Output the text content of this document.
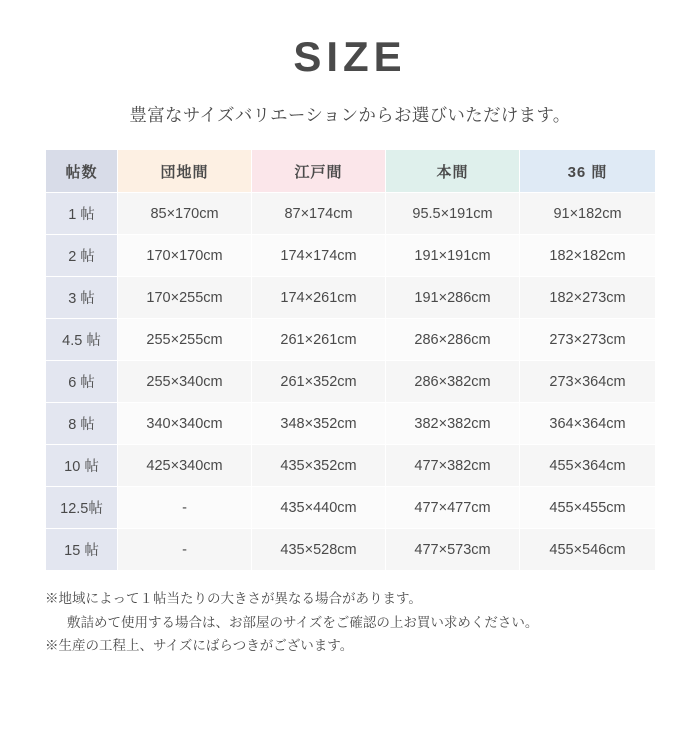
SIZE

豊富なサイズバリエーションからお選びいただけます。

帖数	団地間	江戸間	本間	36 間
1 帖	85×170cm	87×174cm	95.5×191cm	91×182cm
2 帖	170×170cm	174×174cm	191×191cm	182×182cm
3 帖	170×255cm	174×261cm	191×286cm	182×273cm
4.5 帖	255×255cm	261×261cm	286×286cm	273×273cm
6 帖	255×340cm	261×352cm	286×382cm	273×364cm
8 帖	340×340cm	348×352cm	382×382cm	364×364cm
10 帖	425×340cm	435×352cm	477×382cm	455×364cm
12.5帖	-	435×440cm	477×477cm	455×455cm
15 帖	-	435×528cm	477×573cm	455×546cm
※地域によって１帖当たりの大きさが異なる場合があります。
敷詰めて使用する場合は、お部屋のサイズをご確認の上お買い求めください。
※生産の工程上、サイズにばらつきがございます。
